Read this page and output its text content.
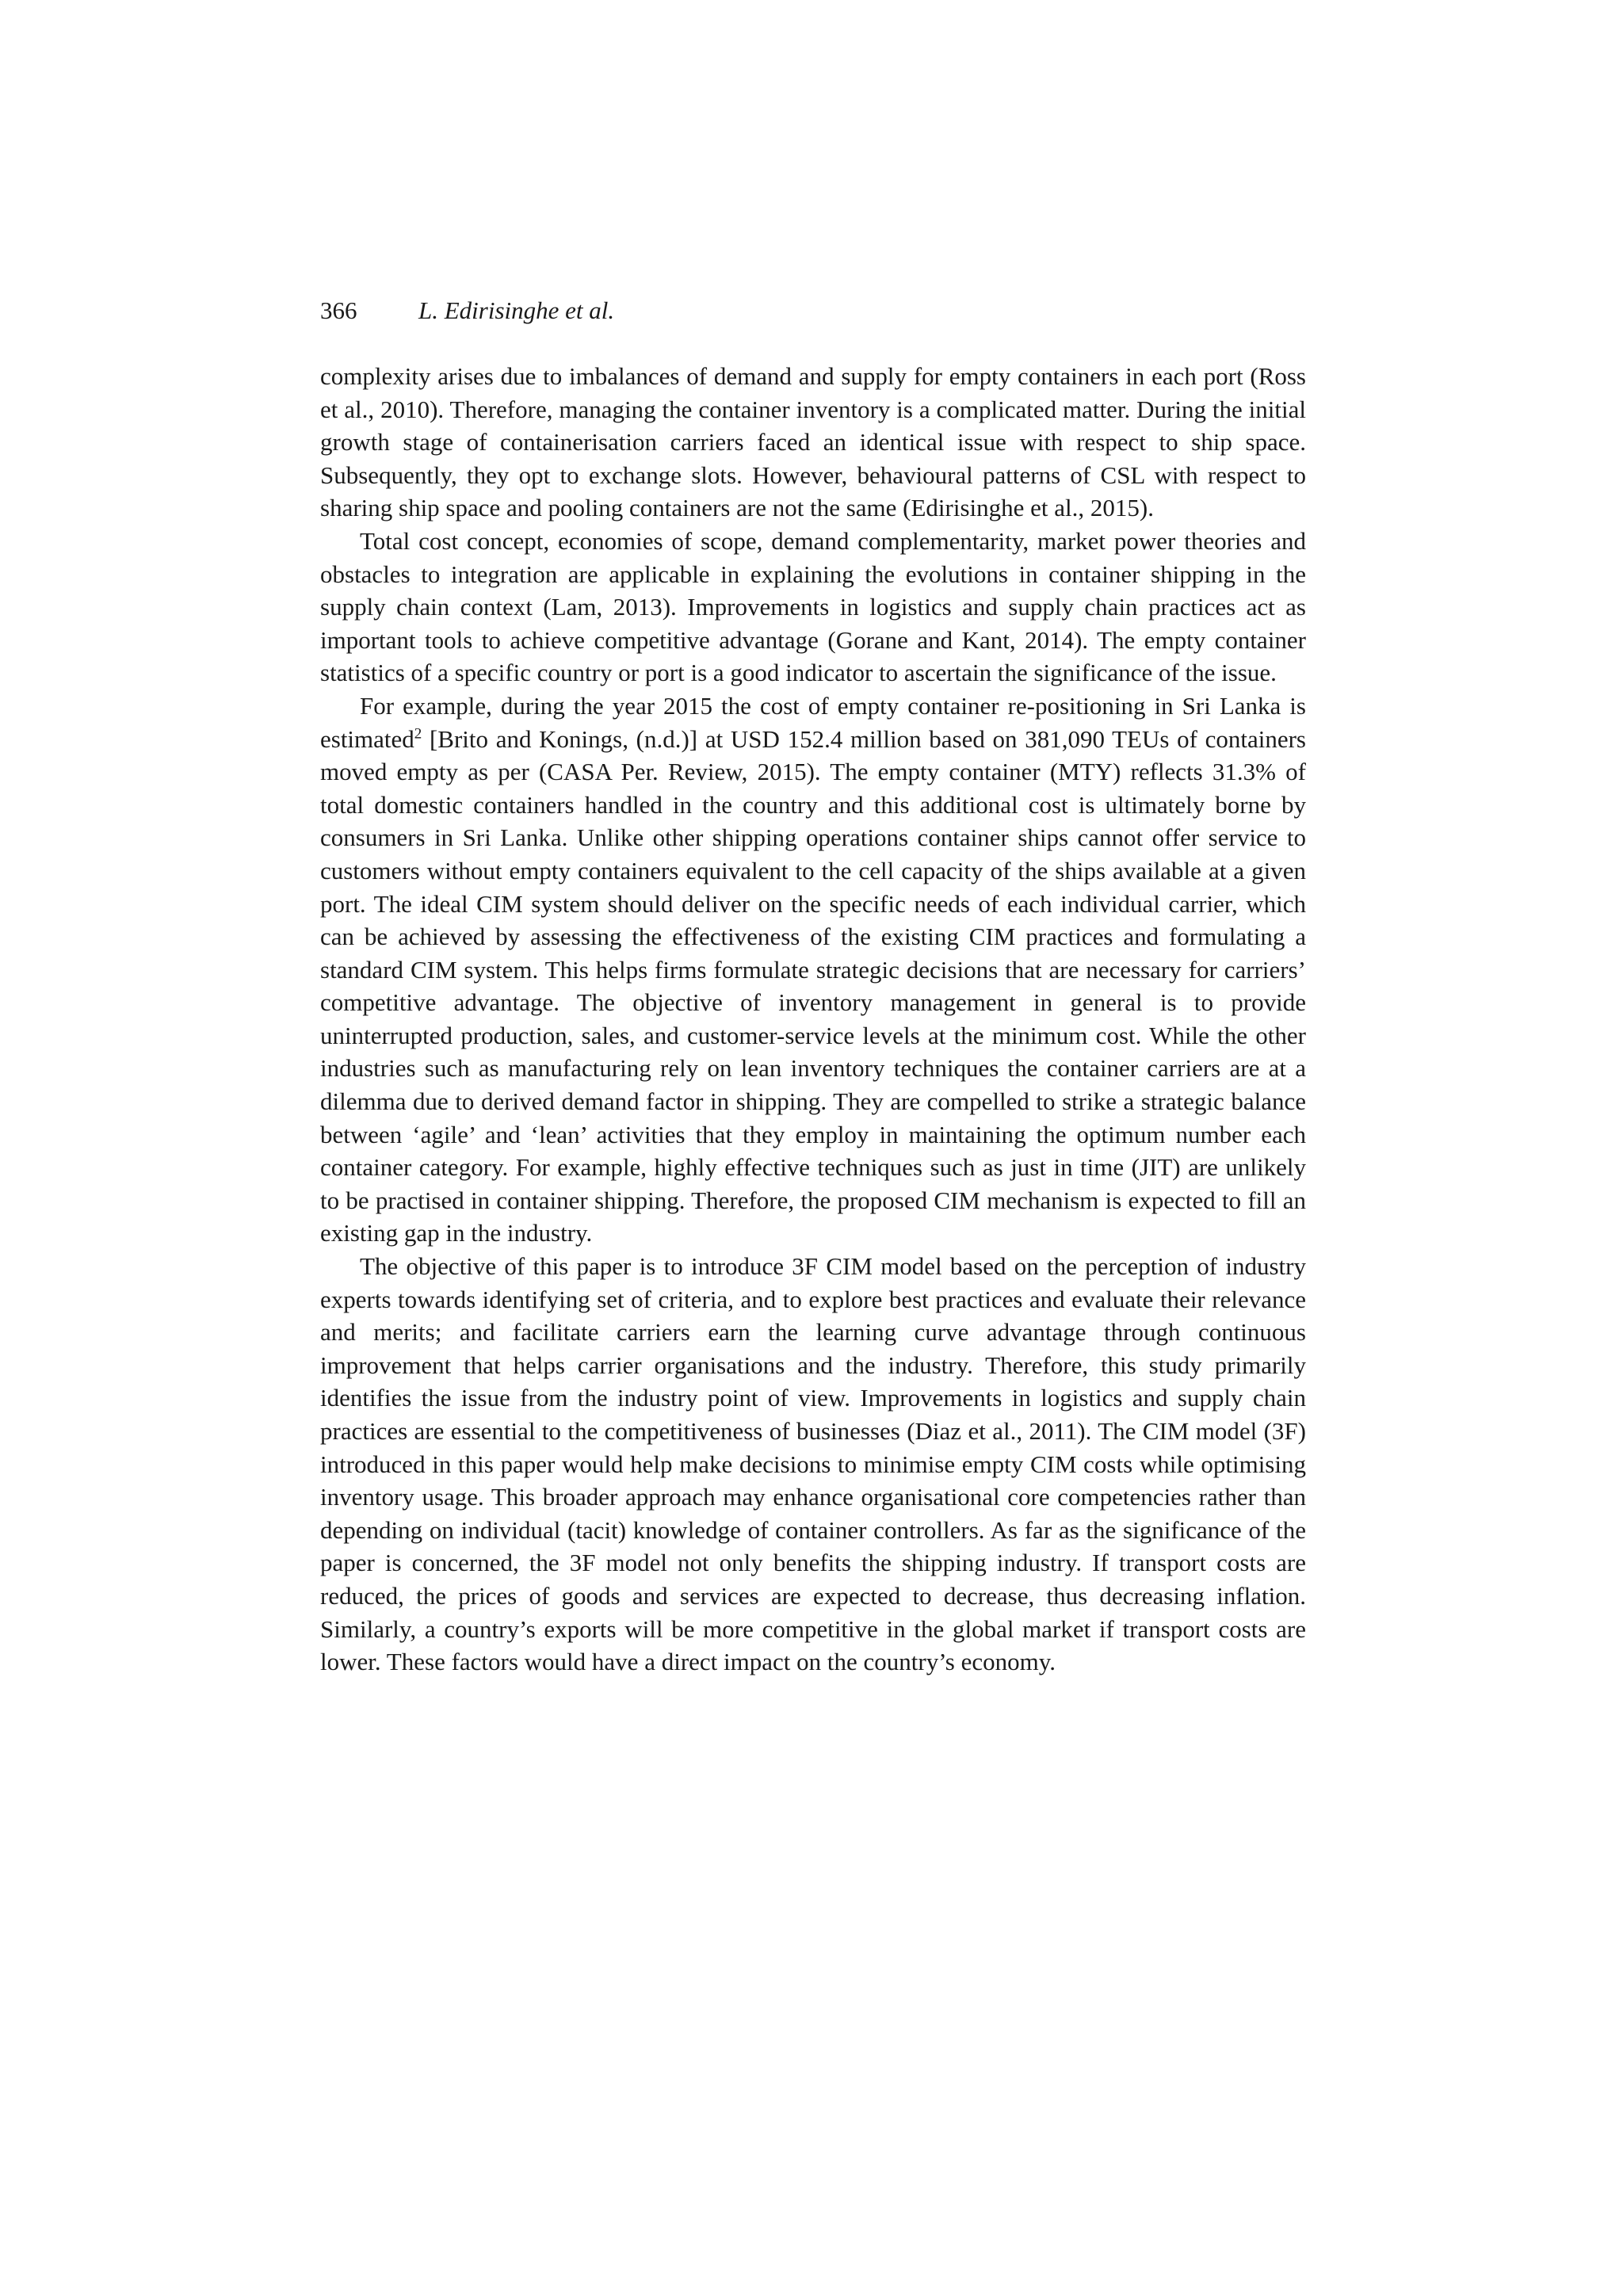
366	L. Edirisinghe et al.

complexity arises due to imbalances of demand and supply for empty containers in each port (Ross et al., 2010). Therefore, managing the container inventory is a complicated matter. During the initial growth stage of containerisation carriers faced an identical issue with respect to ship space. Subsequently, they opt to exchange slots. However, behavioural patterns of CSL with respect to sharing ship space and pooling containers are not the same (Edirisinghe et al., 2015).

Total cost concept, economies of scope, demand complementarity, market power theories and obstacles to integration are applicable in explaining the evolutions in container shipping in the supply chain context (Lam, 2013). Improvements in logistics and supply chain practices act as important tools to achieve competitive advantage (Gorane and Kant, 2014). The empty container statistics of a specific country or port is a good indicator to ascertain the significance of the issue.

For example, during the year 2015 the cost of empty container re-positioning in Sri Lanka is estimated$^2$ [Brito and Konings, (n.d.)] at USD 152.4 million based on 381,090 TEUs of containers moved empty as per (CASA Per. Review, 2015). The empty container (MTY) reflects 31.3% of total domestic containers handled in the country and this additional cost is ultimately borne by consumers in Sri Lanka. Unlike other shipping operations container ships cannot offer service to customers without empty containers equivalent to the cell capacity of the ships available at a given port. The ideal CIM system should deliver on the specific needs of each individual carrier, which can be achieved by assessing the effectiveness of the existing CIM practices and formulating a standard CIM system. This helps firms formulate strategic decisions that are necessary for carriers’ competitive advantage. The objective of inventory management in general is to provide uninterrupted production, sales, and customer-service levels at the minimum cost. While the other industries such as manufacturing rely on lean inventory techniques the container carriers are at a dilemma due to derived demand factor in shipping. They are compelled to strike a strategic balance between ‘agile’ and ‘lean’ activities that they employ in maintaining the optimum number each container category. For example, highly effective techniques such as just in time (JIT) are unlikely to be practised in container shipping. Therefore, the proposed CIM mechanism is expected to fill an existing gap in the industry.

The objective of this paper is to introduce 3F CIM model based on the perception of industry experts towards identifying set of criteria, and to explore best practices and evaluate their relevance and merits; and facilitate carriers earn the learning curve advantage through continuous improvement that helps carrier organisations and the industry. Therefore, this study primarily identifies the issue from the industry point of view. Improvements in logistics and supply chain practices are essential to the competitiveness of businesses (Diaz et al., 2011). The CIM model (3F) introduced in this paper would help make decisions to minimise empty CIM costs while optimising inventory usage. This broader approach may enhance organisational core competencies rather than depending on individual (tacit) knowledge of container controllers. As far as the significance of the paper is concerned, the 3F model not only benefits the shipping industry. If transport costs are reduced, the prices of goods and services are expected to decrease, thus decreasing inflation. Similarly, a country’s exports will be more competitive in the global market if transport costs are lower. These factors would have a direct impact on the country’s economy.
